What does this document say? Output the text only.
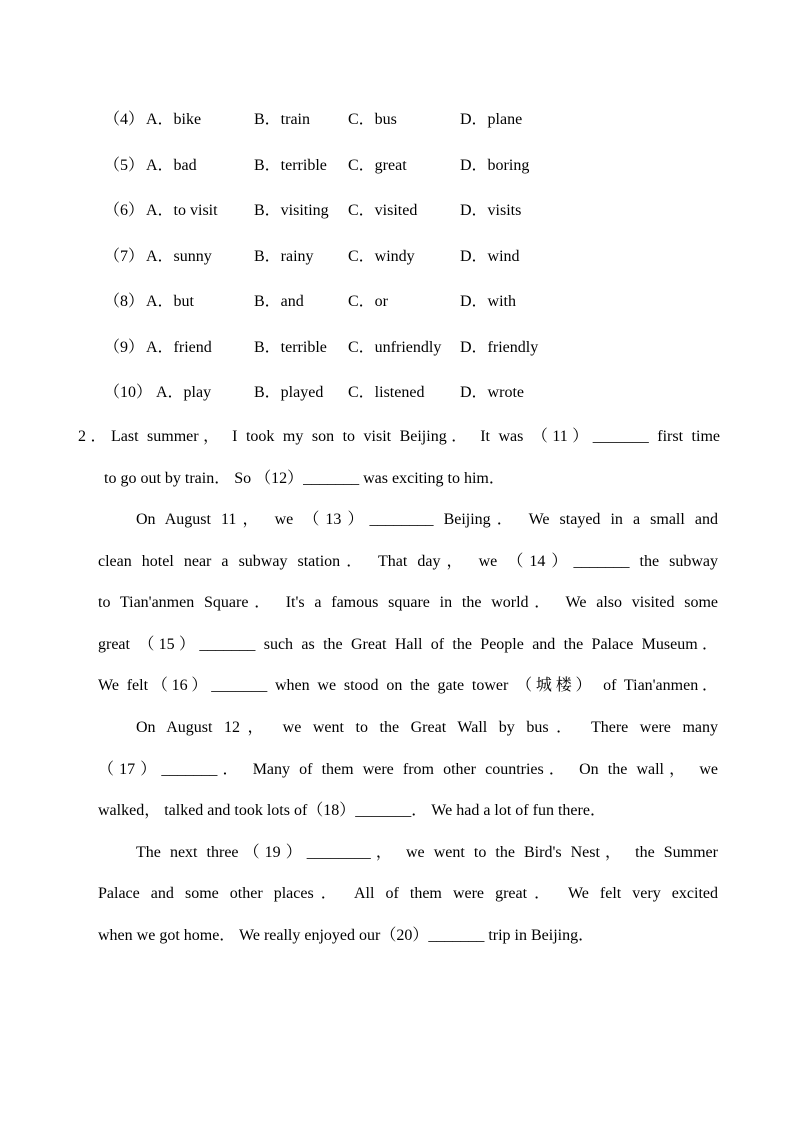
（4） A．bike	B．train C．bus	D．plane
（5） A．bad	B．terrible C．great	D．boring
（6） A．to visit B．visiting C．visited	D．visits
（7） A．sunny	B．rainy C．windy	D．wind
（8） A．but	B．and	C．or	D．with
（9） A．friend	B．terrible C．unfriendly D．friendly
（10） A．play	B．played C．listened D．wrote
2．Last summer， I took my son to visit Beijing． It was （11）_______ first time
to go out by train． So （12）_______ was exciting to him．
On August 11， we （13）________ Beijing． We stayed in a small and
clean hotel near a subway station． That day， we （14）_______ the subway
to Tian'anmen Square． It's a famous square in the world． We also visited some
great （15）_______ such as the Great Hall of the People and the Palace Museum．
We felt（16）_______ when we stood on the gate tower （城楼） of Tian'anmen．
On August 12， we went to the Great Wall by bus． There were many
（17）_______． Many of them were from other countries． On the wall， we
walked， talked and took lots of（18）_______． We had a lot of fun there．
The next three（19）________， we went to the Bird's Nest， the Summer
Palace and some other places． All of them were great． We felt very excited
when we got home． We really enjoyed our（20）_______ trip in Beijing．
